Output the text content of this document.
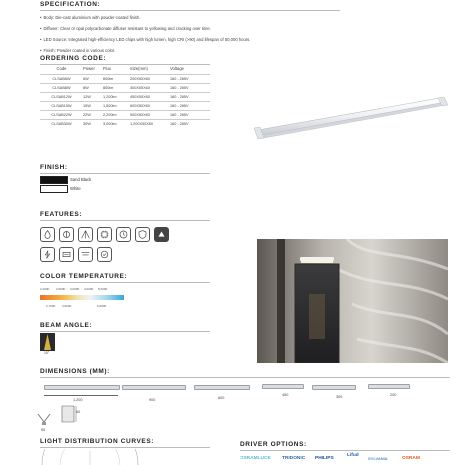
SPECIFICATION:
• Body: Die-cast aluminium with powder-coated finish.
• Diffuser: Clear or opal polycarbonate diffuser resistant to yellowing and cracking over time.
• LED Source: Integrated high-efficiency LED chips with high lumen, high CRI (>90) and lifespan of 50,000 hours.
• Finish: Powder coated in various color.
ORDERING CODE:
Code	Power	Flux	Size(mm)	Voltage
CLSAB6W	6W	600lm	200X50X60	160 - 265V
CLSAB8W	8W	800lm	300X50X60	160 - 265V
CLSAB12W	12W	1,200lm	450X50X60	160 - 265V
CLSAB15W	15W	1,500lm	600X50X60	160 - 265V
CLSAB22W	22W	2,200lm	900X50X60	160 - 265V
CLSAB30W	30W	3,000lm	1,200X50X60	160 - 265V
FINISH:
Sand Black
White
FEATURES:
COLOR TEMPERATURE:
2,200K 2,500K 3,000K 4,000K 5,000K
2,700K 3,500K	6,000K
BEAM ANGLE:
15°
DIMENSIONS (MM):
1,200	900	600
450	300	200
60
50
LIGHT DISTRIBUTION CURVES:	DRIVER OPTIONS:
ƆSRAMLUCE TRIDONIC PHILIPS
Lifud
SYLVANIA	OSRAM
